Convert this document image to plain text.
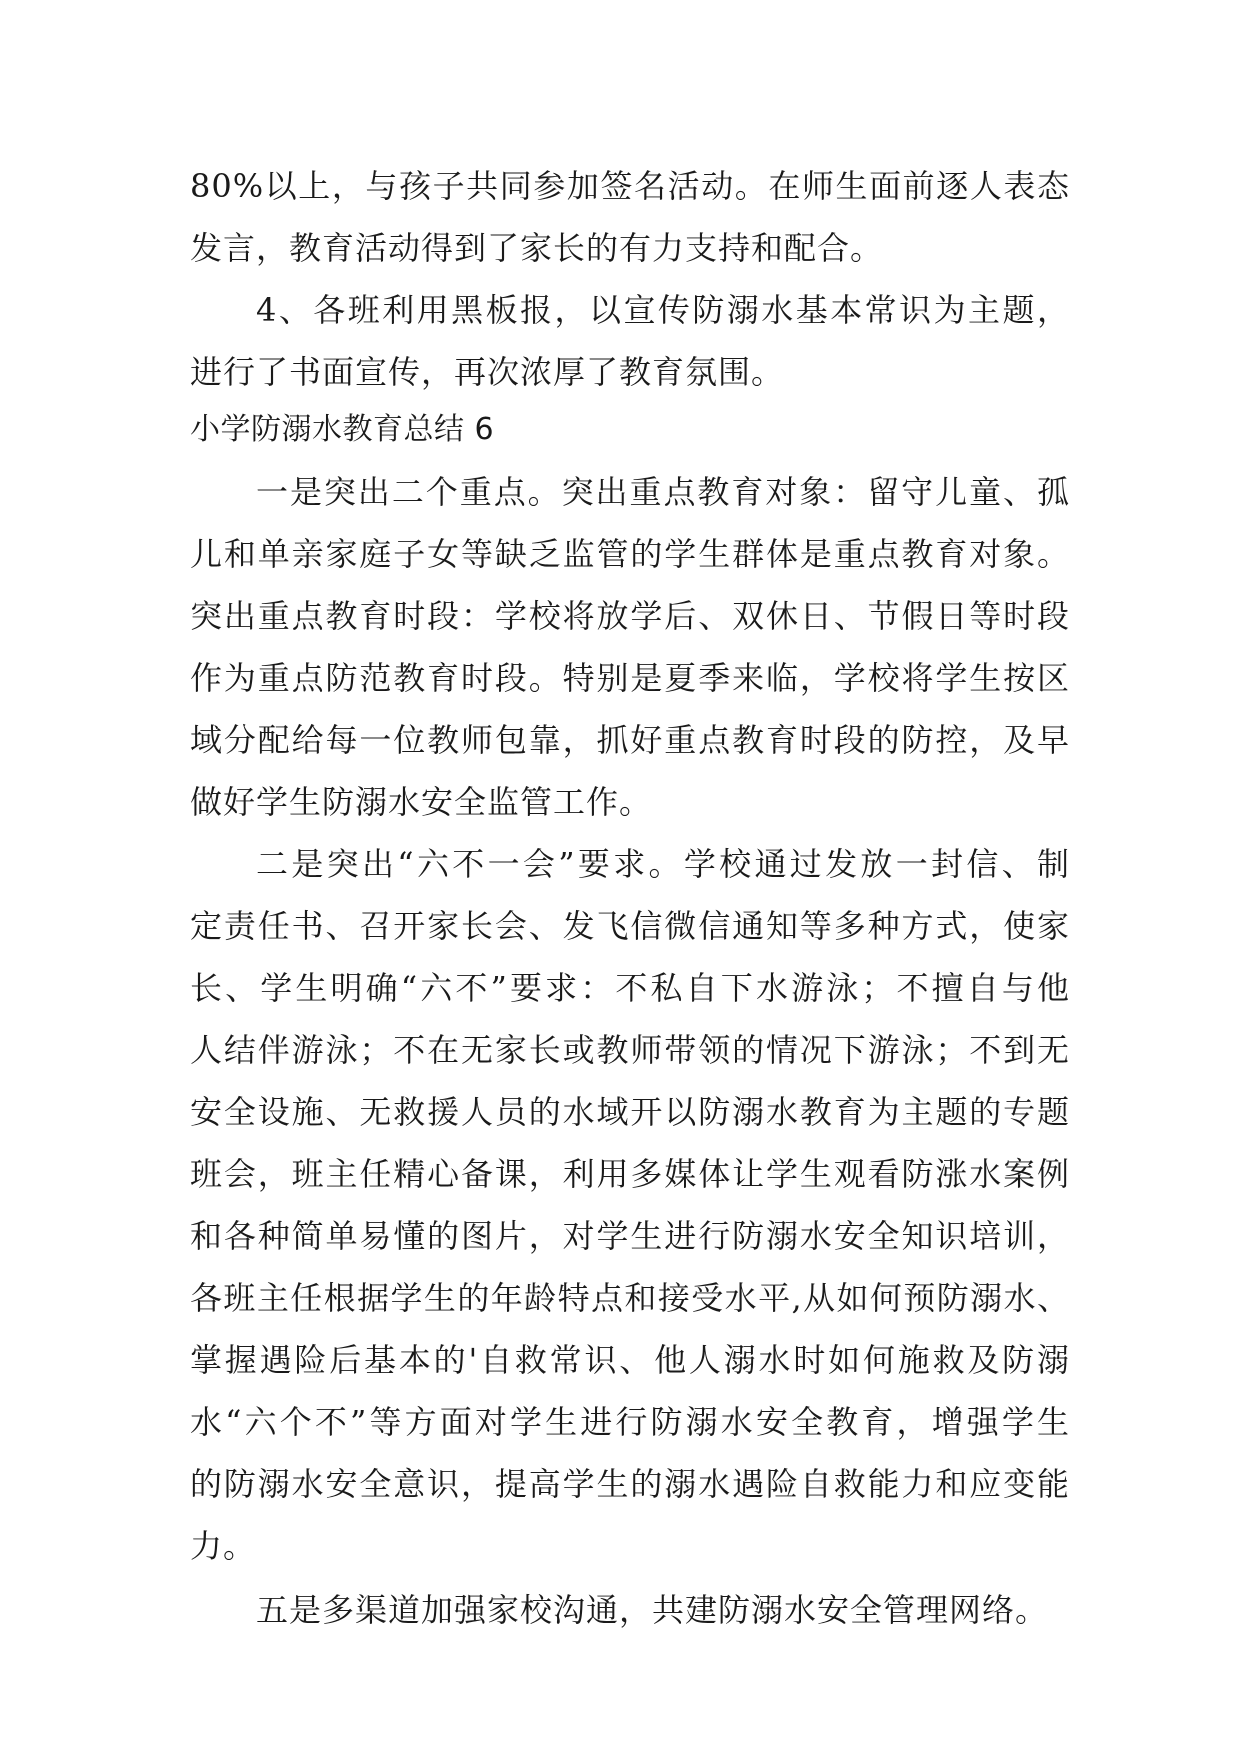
80%以上，与孩子共同参加签名活动。在师生面前逐人表态
发言，教育活动得到了家长的有力支持和配合。
4、各班利用黑板报，以宣传防溺水基本常识为主题，
进行了书面宣传，再次浓厚了教育氛围。
小学防溺水教育总结 6
一是突出二个重点。突出重点教育对象：留守儿童、孤
儿和单亲家庭子女等缺乏监管的学生群体是重点教育对象。
突出重点教育时段：学校将放学后、双休日、节假日等时段
作为重点防范教育时段。特别是夏季来临，学校将学生按区
域分配给每一位教师包靠，抓好重点教育时段的防控，及早
做好学生防溺水安全监管工作。
二是突出“六不一会”要求。学校通过发放一封信、制
定责任书、召开家长会、发飞信微信通知等多种方式，使家
长、学生明确“六不”要求：不私自下水游泳；不擅自与他
人结伴游泳；不在无家长或教师带领的情况下游泳；不到无
安全设施、无救援人员的水域开以防溺水教育为主题的专题
班会，班主任精心备课，利用多媒体让学生观看防涨水案例
和各种简单易懂的图片，对学生进行防溺水安全知识培训，
各班主任根据学生的年龄特点和接受水平,从如何预防溺水、
掌握遇险后基本的'自救常识、他人溺水时如何施救及防溺
水“六个不”等方面对学生进行防溺水安全教育，增强学生
的防溺水安全意识，提高学生的溺水遇险自救能力和应变能
力。
五是多渠道加强家校沟通，共建防溺水安全管理网络。
